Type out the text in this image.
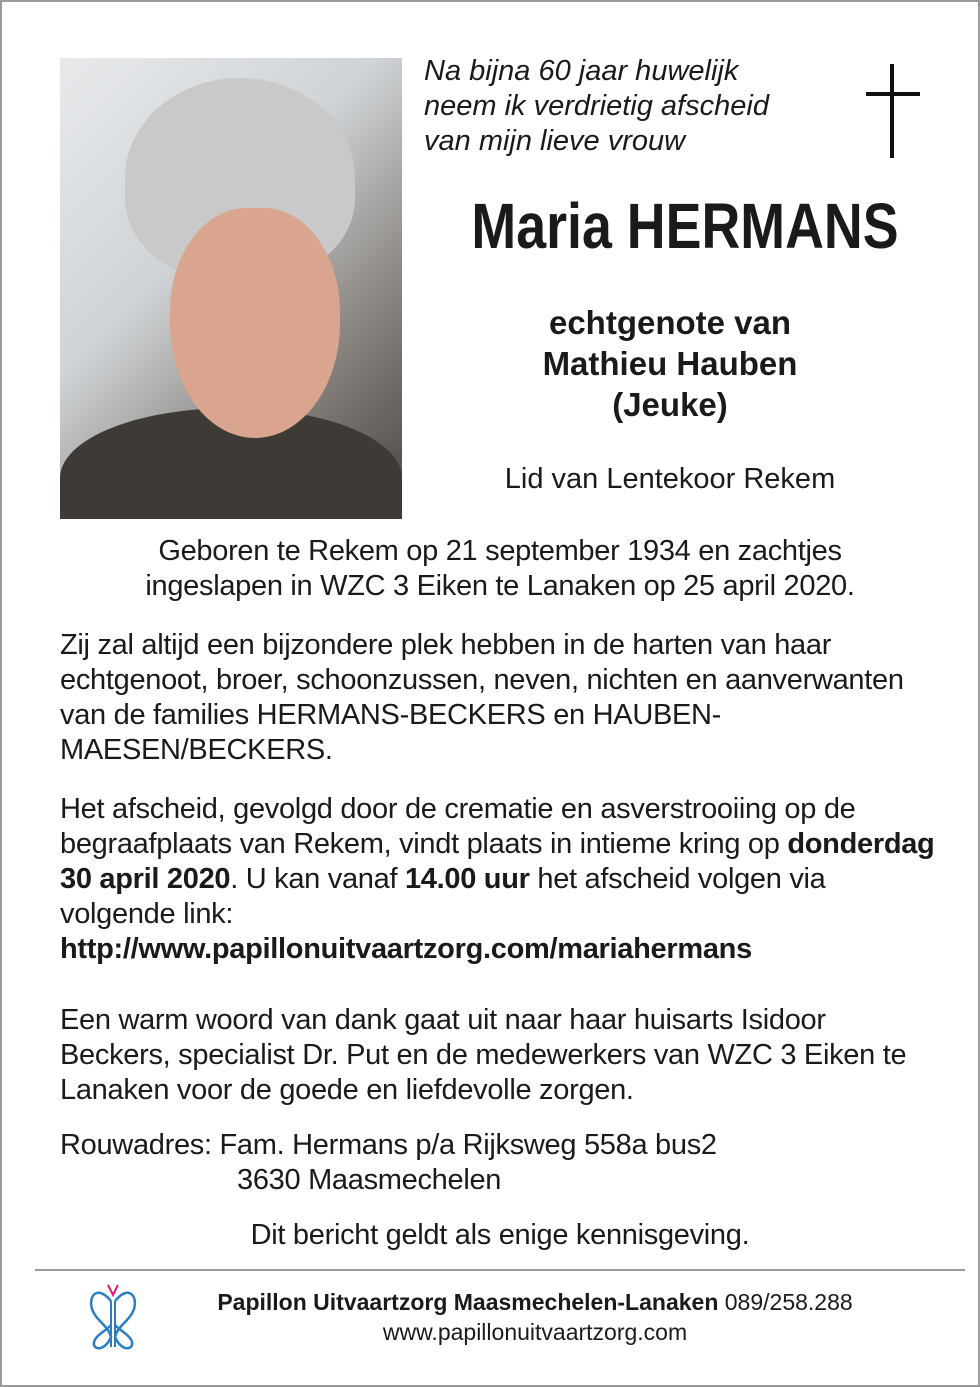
Na bijna 60 jaar huwelijk
neem ik verdrietig afscheid
van mijn lieve vrouw
Maria HERMANS
echtgenote van
Mathieu Hauben
(Jeuke)
Lid van Lentekoor Rekem
Geboren te Rekem op 21 september 1934 en zachtjes
ingeslapen in WZC 3 Eiken te Lanaken op 25 april 2020.
Zij zal altijd een bijzondere plek hebben in de harten van haar echtgenoot, broer, schoonzussen, neven, nichten en aanverwanten van de families HERMANS-BECKERS en HAUBEN-MAESEN/BECKERS.
Het afscheid, gevolgd door de crematie en asverstrooiing op de begraafplaats van Rekem, vindt plaats in intieme kring op donderdag 30 april 2020. U kan vanaf 14.00 uur het afscheid volgen via volgende link:
http://www.papillonuitvaartzorg.com/mariahermans
Een warm woord van dank gaat uit naar haar huisarts Isidoor Beckers, specialist Dr. Put en de medewerkers van WZC 3 Eiken te Lanaken voor de goede en liefdevolle zorgen.
Rouwadres: Fam. Hermans p/a Rijksweg 558a bus2
3630 Maasmechelen
Dit bericht geldt als enige kennisgeving.
Papillon Uitvaartzorg Maasmechelen-Lanaken 089/258.288
www.papillonuitvaartzorg.com
